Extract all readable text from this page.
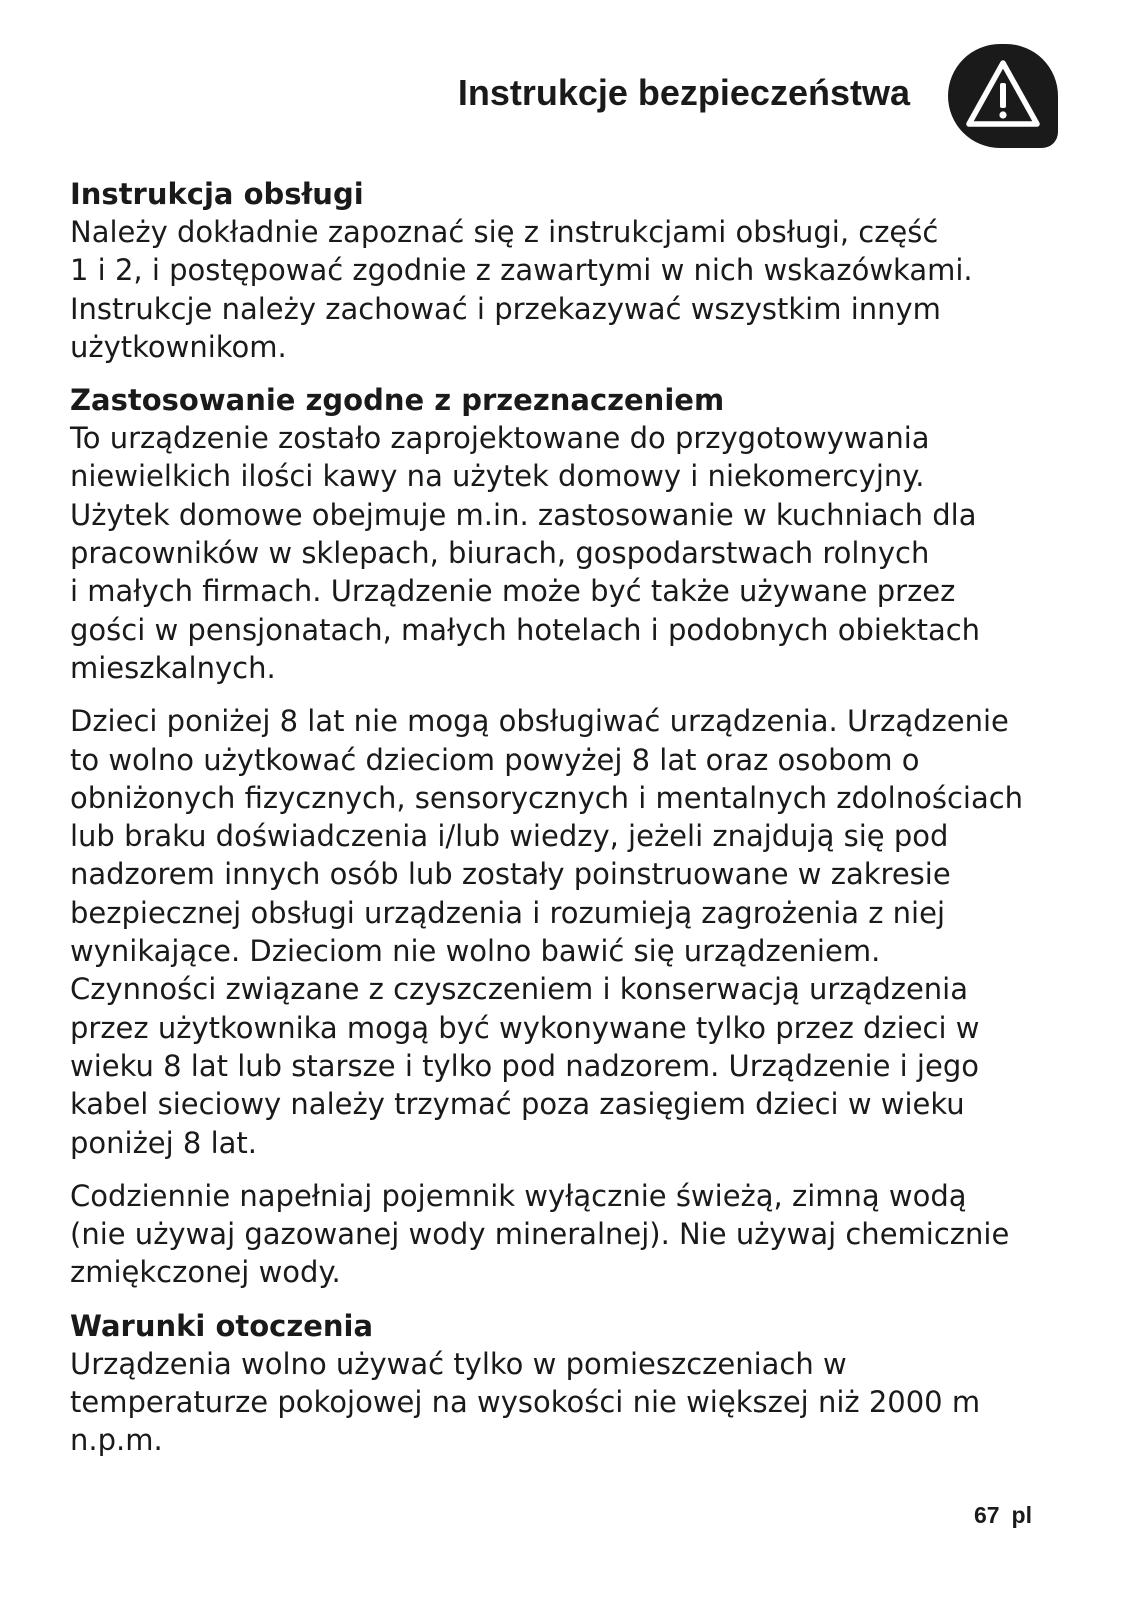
Instrukcje bezpieczeństwa
Instrukcja obsługi

Należy dokładnie zapoznać się z instrukcjami obsługi, część
1 i 2, i postępować zgodnie z zawartymi w nich wskazówkami.
Instrukcje należy zachować i przekazywać wszystkim innym
użytkownikom.

Zastosowanie zgodne z przeznaczeniem

To urządzenie zostało zaprojektowane do przygotowywania
niewielkich ilości kawy na użytek domowy i niekomercyjny.
Użytek domowe obejmuje m.in. zastosowanie w kuchniach dla
pracowników w sklepach, biurach, gospodarstwach rolnych
i małych firmach. Urządzenie może być także używane przez
gości w pensjonatach, małych hotelach i podobnych obiektach
mieszkalnych.

Dzieci poniżej 8 lat nie mogą obsługiwać urządzenia. Urządzenie
to wolno użytkować dzieciom powyżej 8 lat oraz osobom o
obniżonych fizycznych, sensorycznych i mentalnych zdolnościach
lub braku doświadczenia i/lub wiedzy, jeżeli znajdują się pod
nadzorem innych osób lub zostały poinstruowane w zakresie
bezpiecznej obsługi urządzenia i rozumieją zagrożenia z niej
wynikające. Dzieciom nie wolno bawić się urządzeniem.
Czynności związane z czyszczeniem i konserwacją urządzenia
przez użytkownika mogą być wykonywane tylko przez dzieci w
wieku 8 lat lub starsze i tylko pod nadzorem. Urządzenie i jego
kabel sieciowy należy trzymać poza zasięgiem dzieci w wieku
poniżej 8 lat.

Codziennie napełniaj pojemnik wyłącznie świeżą, zimną wodą
(nie używaj gazowanej wody mineralnej). Nie używaj chemicznie
zmiękczonej wody.

Warunki otoczenia

Urządzenia wolno używać tylko w pomieszczeniach w
temperaturze pokojowej na wysokości nie większej niż 2000 m
n.p.m.

67 pl
